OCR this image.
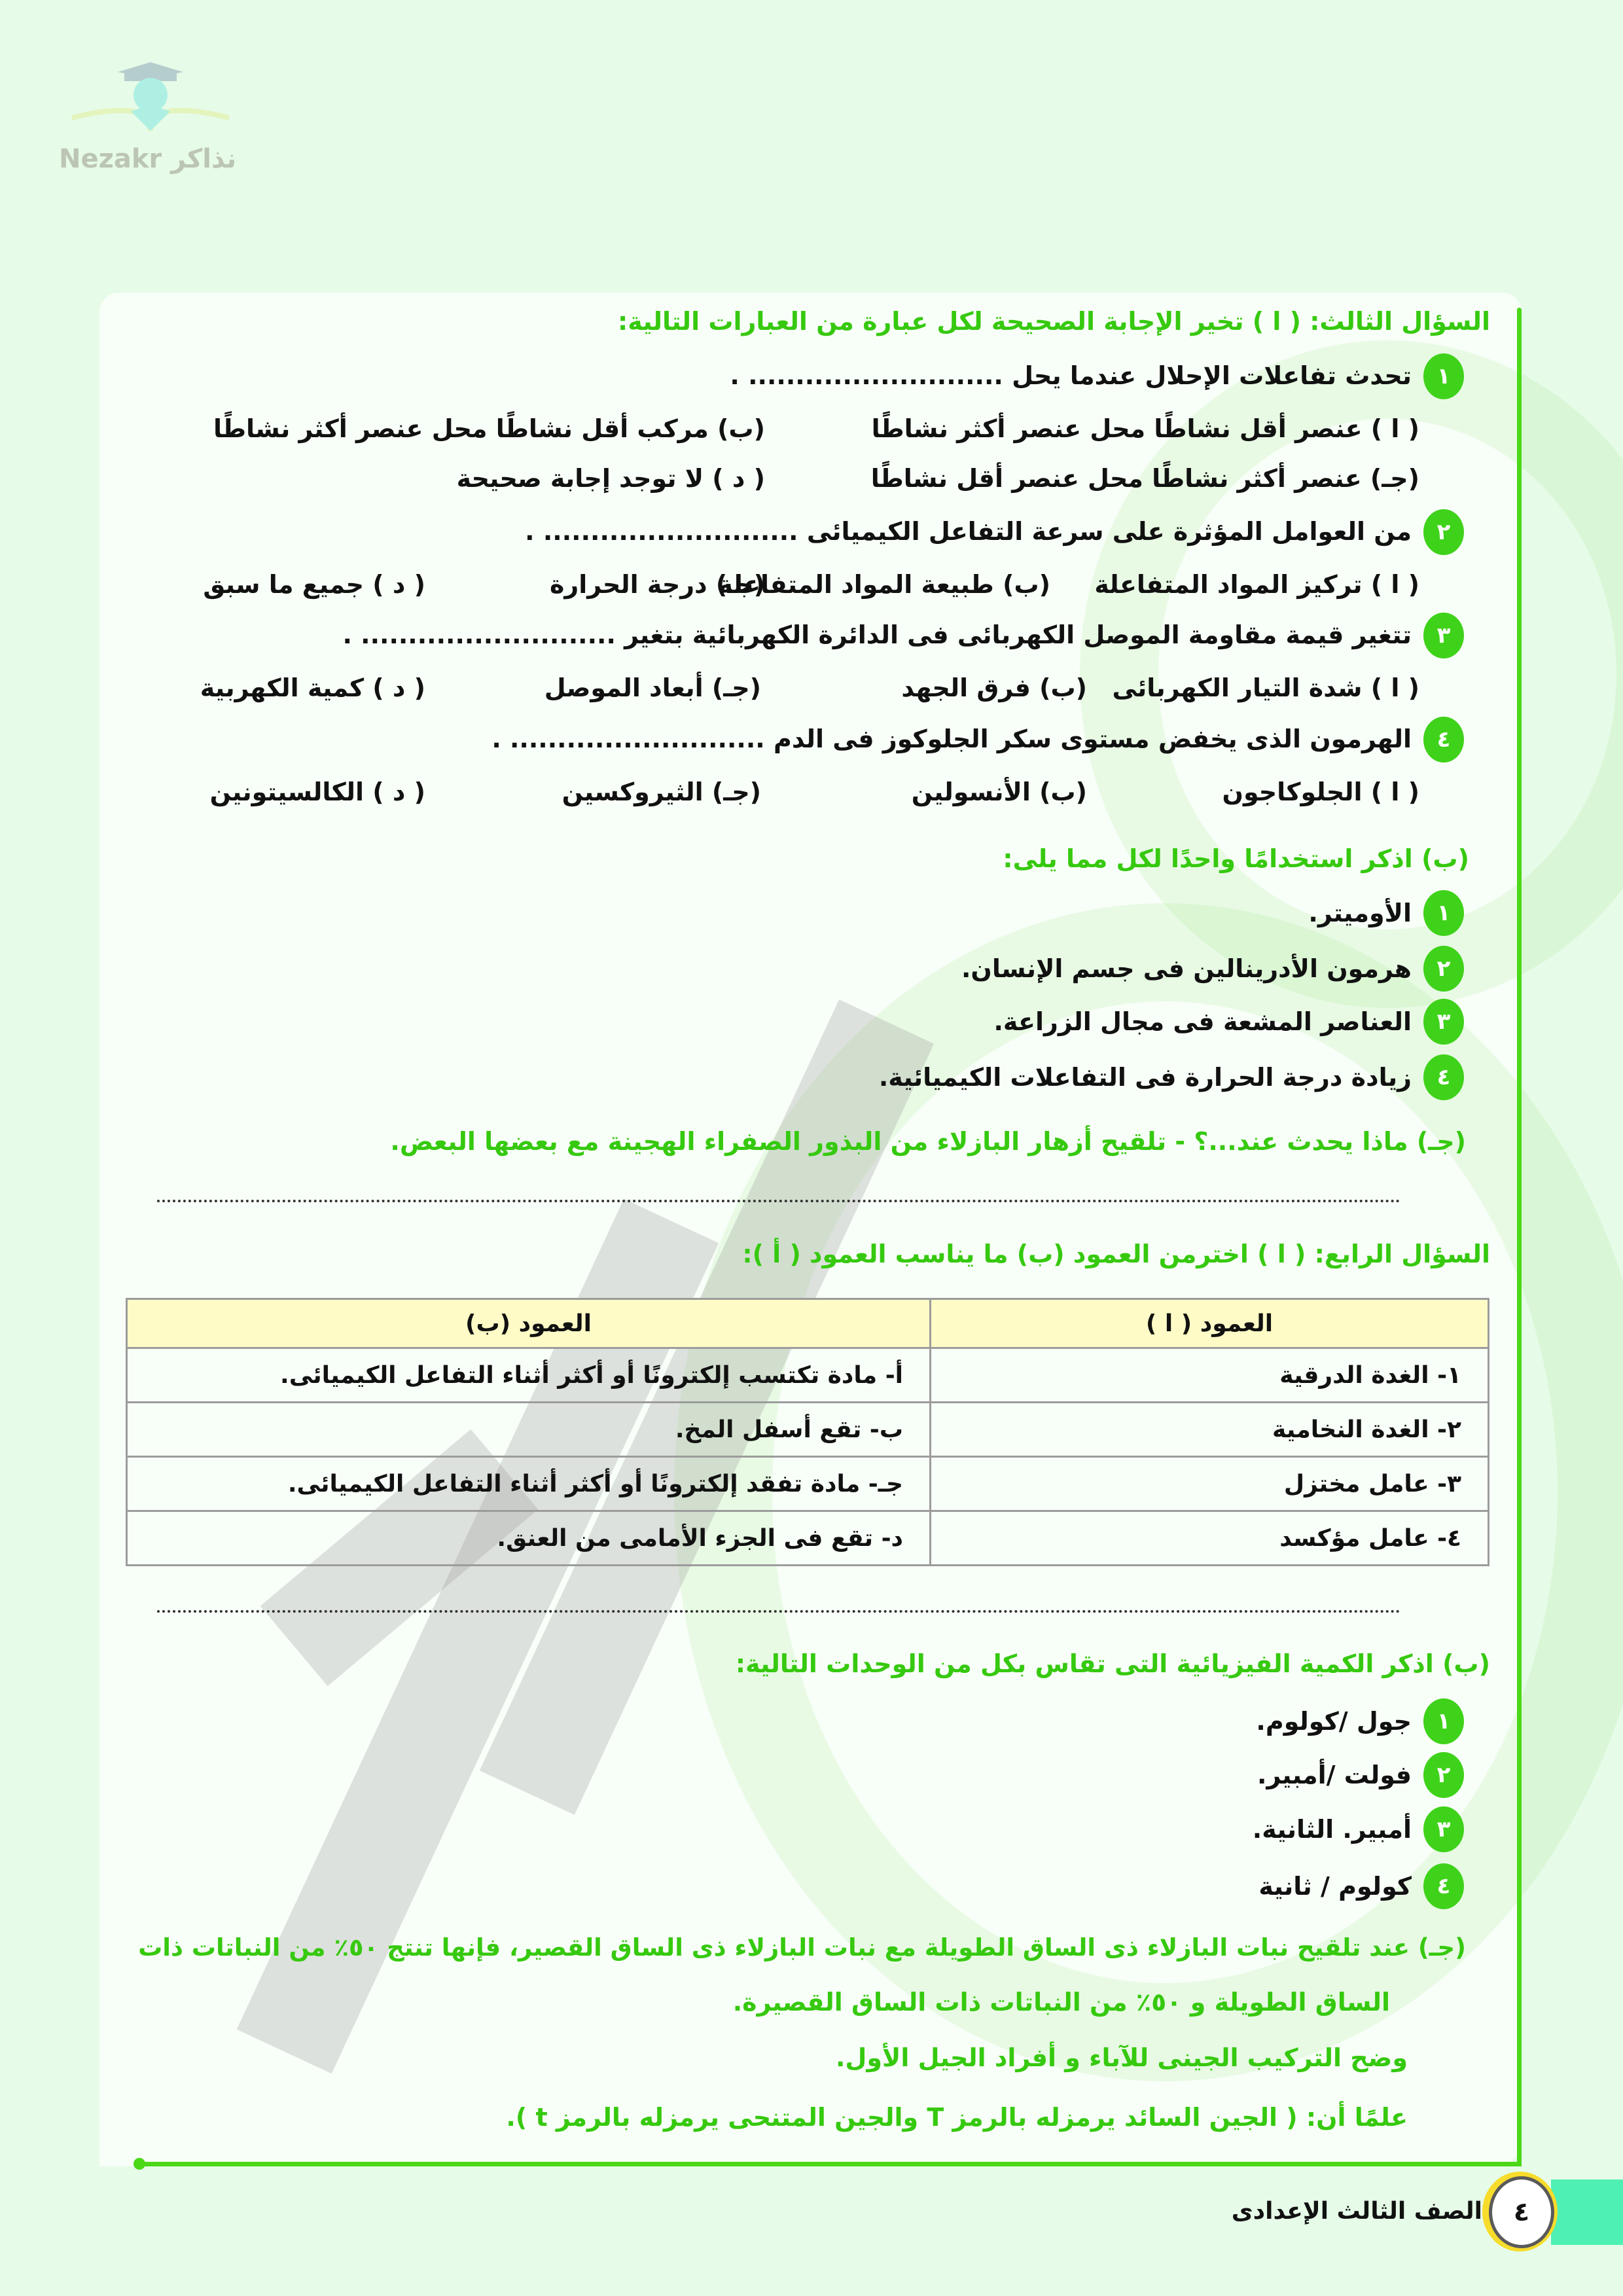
Nezakr نذاكر
السؤال الثالث: ( ا ) تخير الإجابة الصحيحة لكل عبارة من العبارات التالية:
١
تحدث تفاعلات الإحلال عندما يحل ........................... .
( ا ) عنصر أقل نشاطًا محل عنصر أكثر نشاطًا
(ب) مركب أقل نشاطًا محل عنصر أكثر نشاطًا
(جـ) عنصر أكثر نشاطًا محل عنصر أقل نشاطًا
( د ) لا توجد إجابة صحيحة
٢
من العوامل المؤثرة على سرعة التفاعل الكيميائى ........................... .
( ا ) تركيز المواد المتفاعلة
(ب) طبيعة المواد المتفاعلة
(جـ) درجة الحرارة
( د ) جميع ما سبق
٣
تتغير قيمة مقاومة الموصل الكهربائى فى الدائرة الكهربائية بتغير ........................... .
( ا ) شدة التيار الكهربائى
(ب) فرق الجهد
(جـ) أبعاد الموصل
( د ) كمية الكهربية
٤
الهرمون الذى يخفض مستوى سكر الجلوكوز فى الدم ........................... .
( ا ) الجلوكاجون
(ب) الأنسولين
(جـ) الثيروكسين
( د ) الكالسيتونين
(ب) اذكر استخدامًا واحدًا لكل مما يلى:
١
الأوميتر.
٢
هرمون الأدرينالين فى جسم الإنسان.
٣
العناصر المشعة فى مجال الزراعة.
٤
زيادة درجة الحرارة فى التفاعلات الكيميائية.
(جـ) ماذا يحدث عند...؟ - تلقيح أزهار البازلاء من البذور الصفراء الهجينة مع بعضها البعض.
السؤال الرابع: ( ا ) اخترمن العمود (ب) ما يناسب العمود ( أ ):
العمود ( ا )	العمود (ب)
١- الغدة الدرقية	أ- مادة تكتسب إلكترونًا أو أكثر أثناء التفاعل الكيميائى.
٢- الغدة النخامية	ب- تقع أسفل المخ.
٣- عامل مختزل	جـ- مادة تفقد إلكترونًا أو أكثر أثناء التفاعل الكيميائى.
٤- عامل مؤكسد	د- تقع فى الجزء الأمامى من العنق.
(ب) اذكر الكمية الفيزيائية التى تقاس بكل من الوحدات التالية:
١
جول /كولوم.
٢
فولت /أمبير.
٣
أمبير. الثانية.
٤
كولوم / ثانية
(جـ) عند تلقيح نبات البازلاء ذى الساق الطويلة مع نبات البازلاء ذى الساق القصير، فإنها تنتج ٥٠٪ من النباتات ذات
الساق الطويلة و ٥٠٪ من النباتات ذات الساق القصيرة.
وضح التركيب الجينى للآباء و أفراد الجيل الأول.
علمًا أن: ( الجين السائد يرمزله بالرمز T والجين المتنحى يرمزله بالرمز t ).
٤
الصف الثالث الإعدادى
